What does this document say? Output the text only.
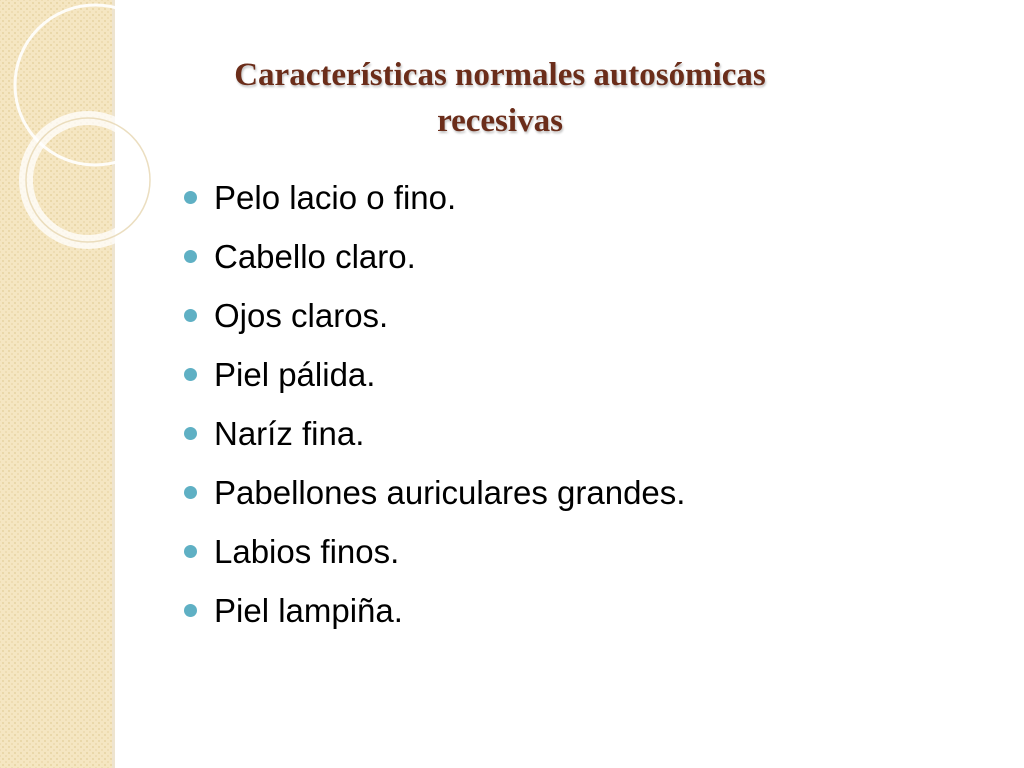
Características normales autosómicas
recesivas
Pelo lacio o fino.
Cabello claro.
Ojos claros.
Piel pálida.
Naríz fina.
Pabellones auriculares grandes.
Labios finos.
Piel lampiña.
